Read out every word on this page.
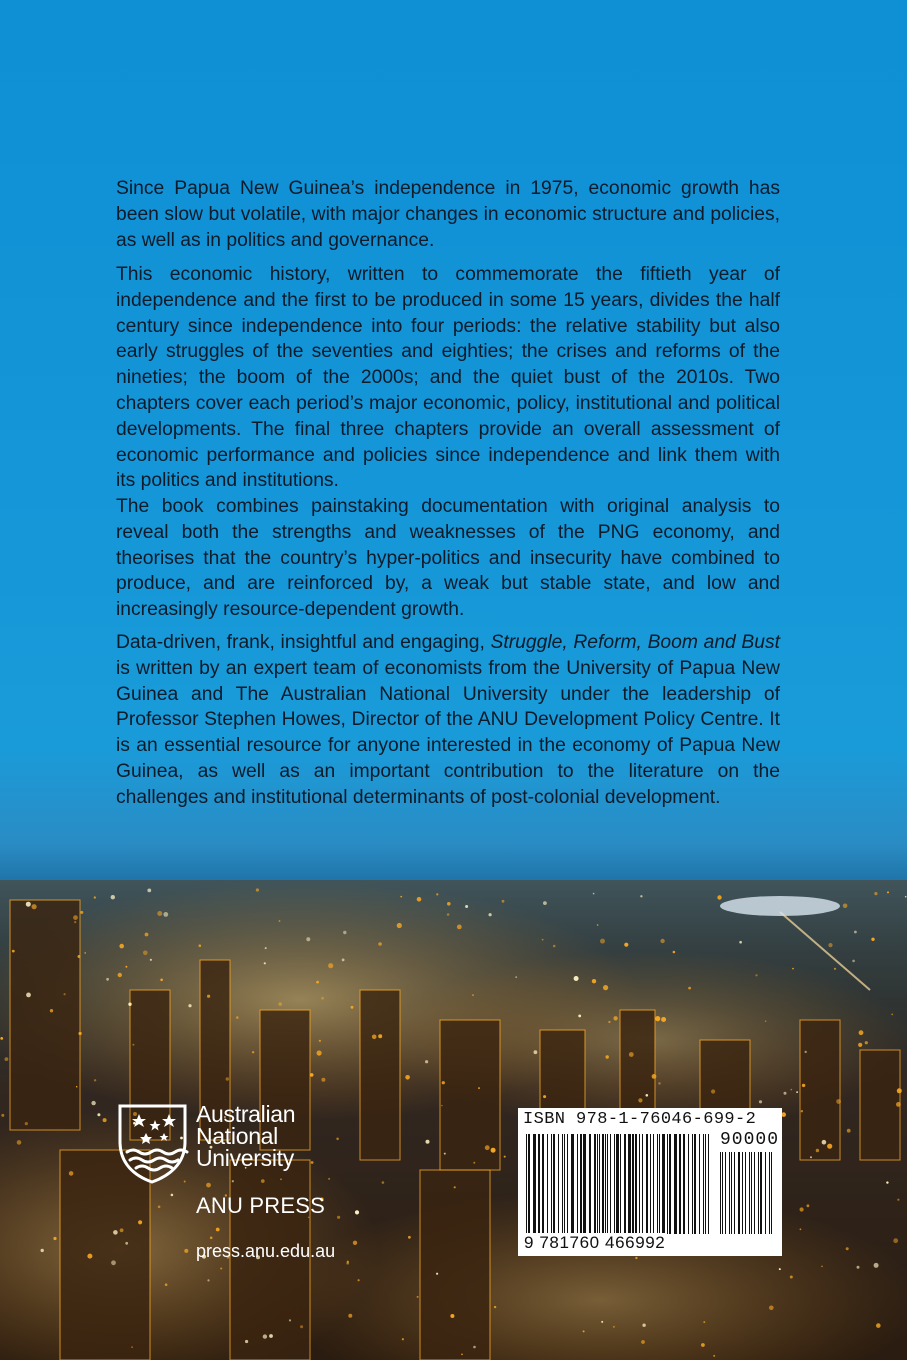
Since Papua New Guinea’s independence in 1975, economic growth has been slow but volatile, with major changes in economic structure and policies, as well as in politics and governance.

This economic history, written to commemorate the fiftieth year of independence and the first to be produced in some 15 years, divides the half century since independence into four periods: the relative stability but also early struggles of the seventies and eighties; the crises and reforms of the nineties; the boom of the 2000s; and the quiet bust of the 2010s. Two chapters cover each period’s major economic, policy, institutional and political developments. The final three chapters provide an overall assessment of economic performance and policies since independence and link them with its politics and institutions.

The book combines painstaking documentation with original analysis to reveal both the strengths and weaknesses of the PNG economy, and theorises that the country’s hyper-politics and insecurity have combined to produce, and are reinforced by, a weak but stable state, and low and increasingly resource-dependent growth.

Data-driven, frank, insightful and engaging, Struggle, Reform, Boom and Bust is written by an expert team of economists from the University of Papua New Guinea and The Australian National University under the leadership of Professor Stephen Howes, Director of the ANU Development Policy Centre. It is an essential resource for anyone interested in the economy of Papua New Guinea, as well as an important contribution to the literature on the challenges and institutional determinants of post-colonial development.

Australian
National
University
ANU PRESS
press.anu.edu.au
ISBN 978-1-76046-699-2
90000
9 781760 466992
